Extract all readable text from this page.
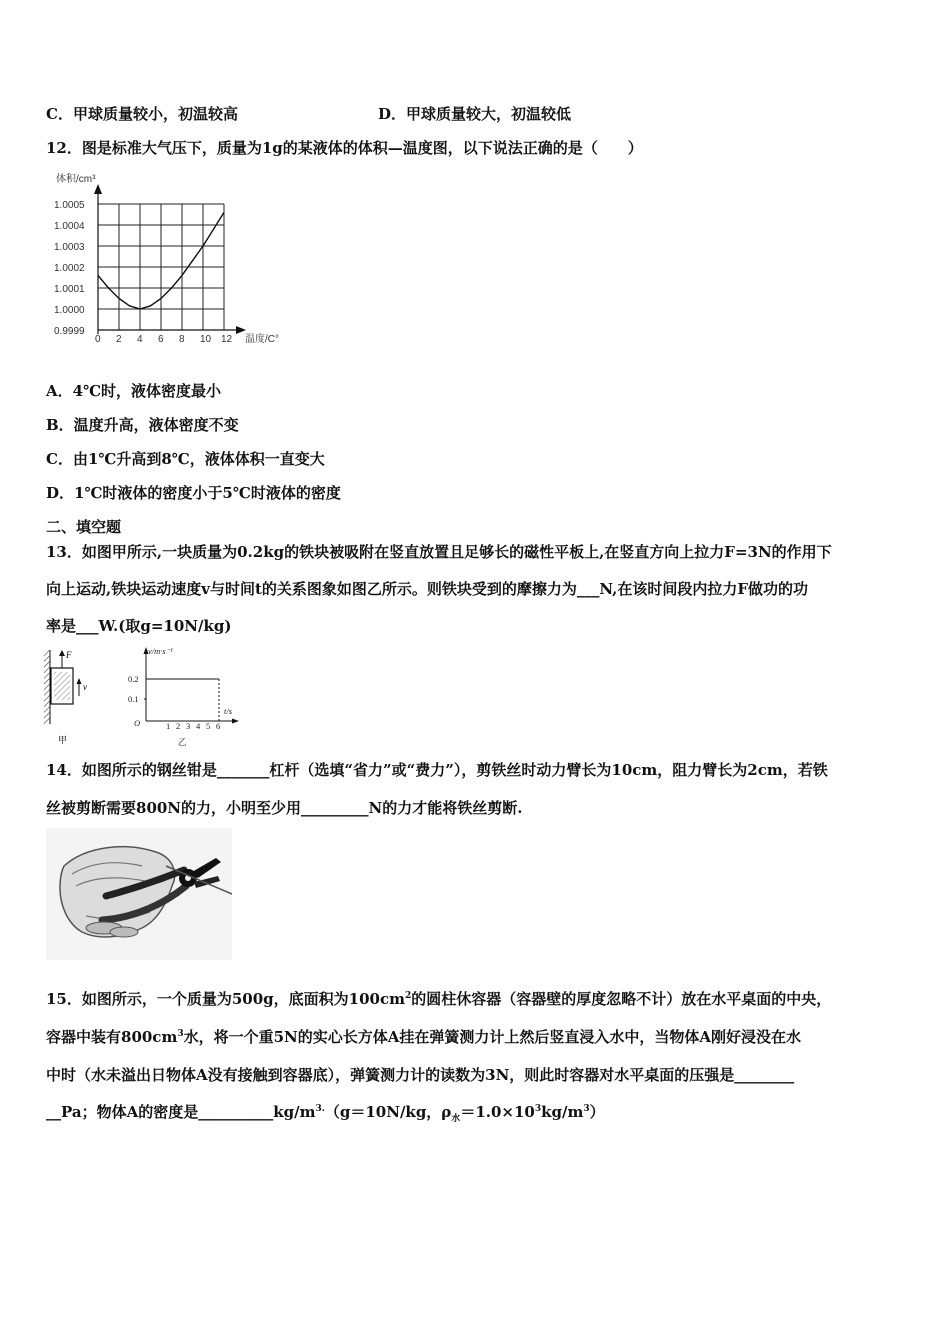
C．甲球质量较小，初温较高	D．甲球质量较大，初温较低
12．图是标准大气压下，质量为1g的某液体的体积—温度图，以下说法正确的是（　　）
体积/cm³
温度/C°
0.9999
1.0000
1.0001
1.0002
1.0003
1.0004
1.0005
0 2 4 6 8 10 12
A．4℃时，液体密度最小
B．温度升高，液体密度不变
C．由1℃升高到8℃，液体体积一直变大
D．1℃时液体的密度小于5℃时液体的密度
二、填空题
13．如图甲所示,一块质量为0.2kg的铁块被吸附在竖直放置且足够长的磁性平板上,在竖直方向上拉力F=3N的作用下
向上运动,铁块运动速度v与时间t的关系图象如图乙所示。则铁块受到的摩擦力为___N,在该时间段内拉力F做功的功
率是___W.(取g=10N/kg)
F
v
甲
v/m·s⁻¹
t/s
O
0.2
0.1
1 2 3 4 5 6
乙
14．如图所示的钢丝钳是_______杠杆（选填“省力”或“费力”），剪铁丝时动力臂长为10cm，阻力臂长为2cm，若铁
丝被剪断需要800N的力，小明至少用_________N的力才能将铁丝剪断.
15．如图所示，一个质量为500g，底面积为$100cm^2$的圆柱休容器（容器壁的厚度忽略不计）放在水平桌面的中央，
容器中装有$800cm^3$水，将一个重5N的实心长方体A挂在弹簧测力计上然后竖直浸入水中，当物体A刚好浸没在水
中时（水未溢出日物体A没有接触到容器底），弹簧测力计的读数为3N，则此时容器对水平桌面的压强是________
__Pa；物体A的密度是$\_\_\_\_\_\_\_\_\_\_kg/m^{3.}(g=10N/kg$，$\rho_水=1.0\times 10^3kg/m^3$）
